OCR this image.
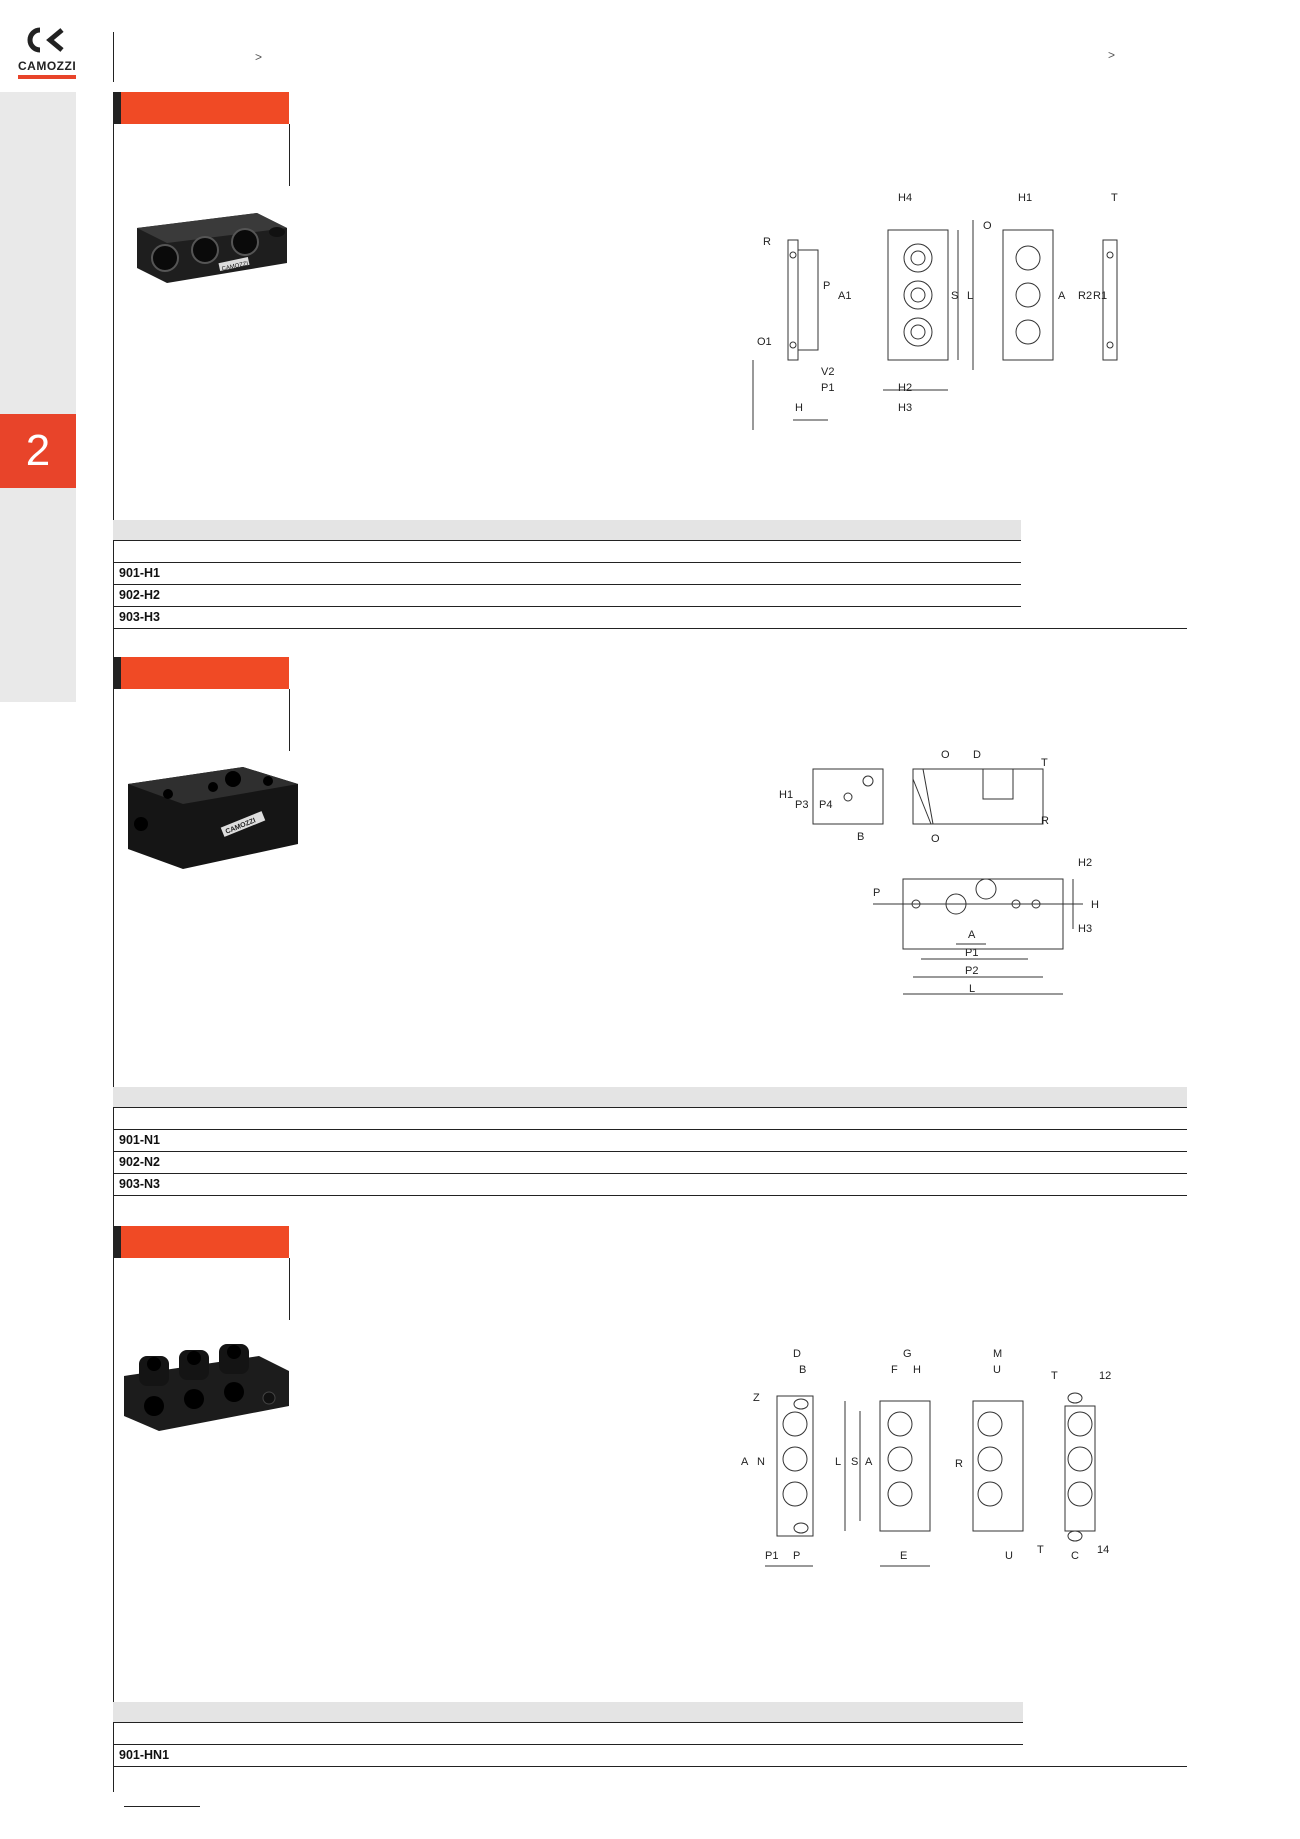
CAMOZZI
2
>	>
CAMOZZI
H4	H1	T
R
O
P
A1	S L	A R2 R1
O1
V2
P1
H
H2
H3
901-H1
902-H2
903-H3
CAMOZZI
O D
T
H1
P3 P4
B	O
R
H2
P
H
H3
A
P1
P2
L
901-N1
902-N2
903-N3
D
B
G
F H
M
U	T	12
Z
A N	L S A	R
P1 P	E	U T C 14
901-HN1
